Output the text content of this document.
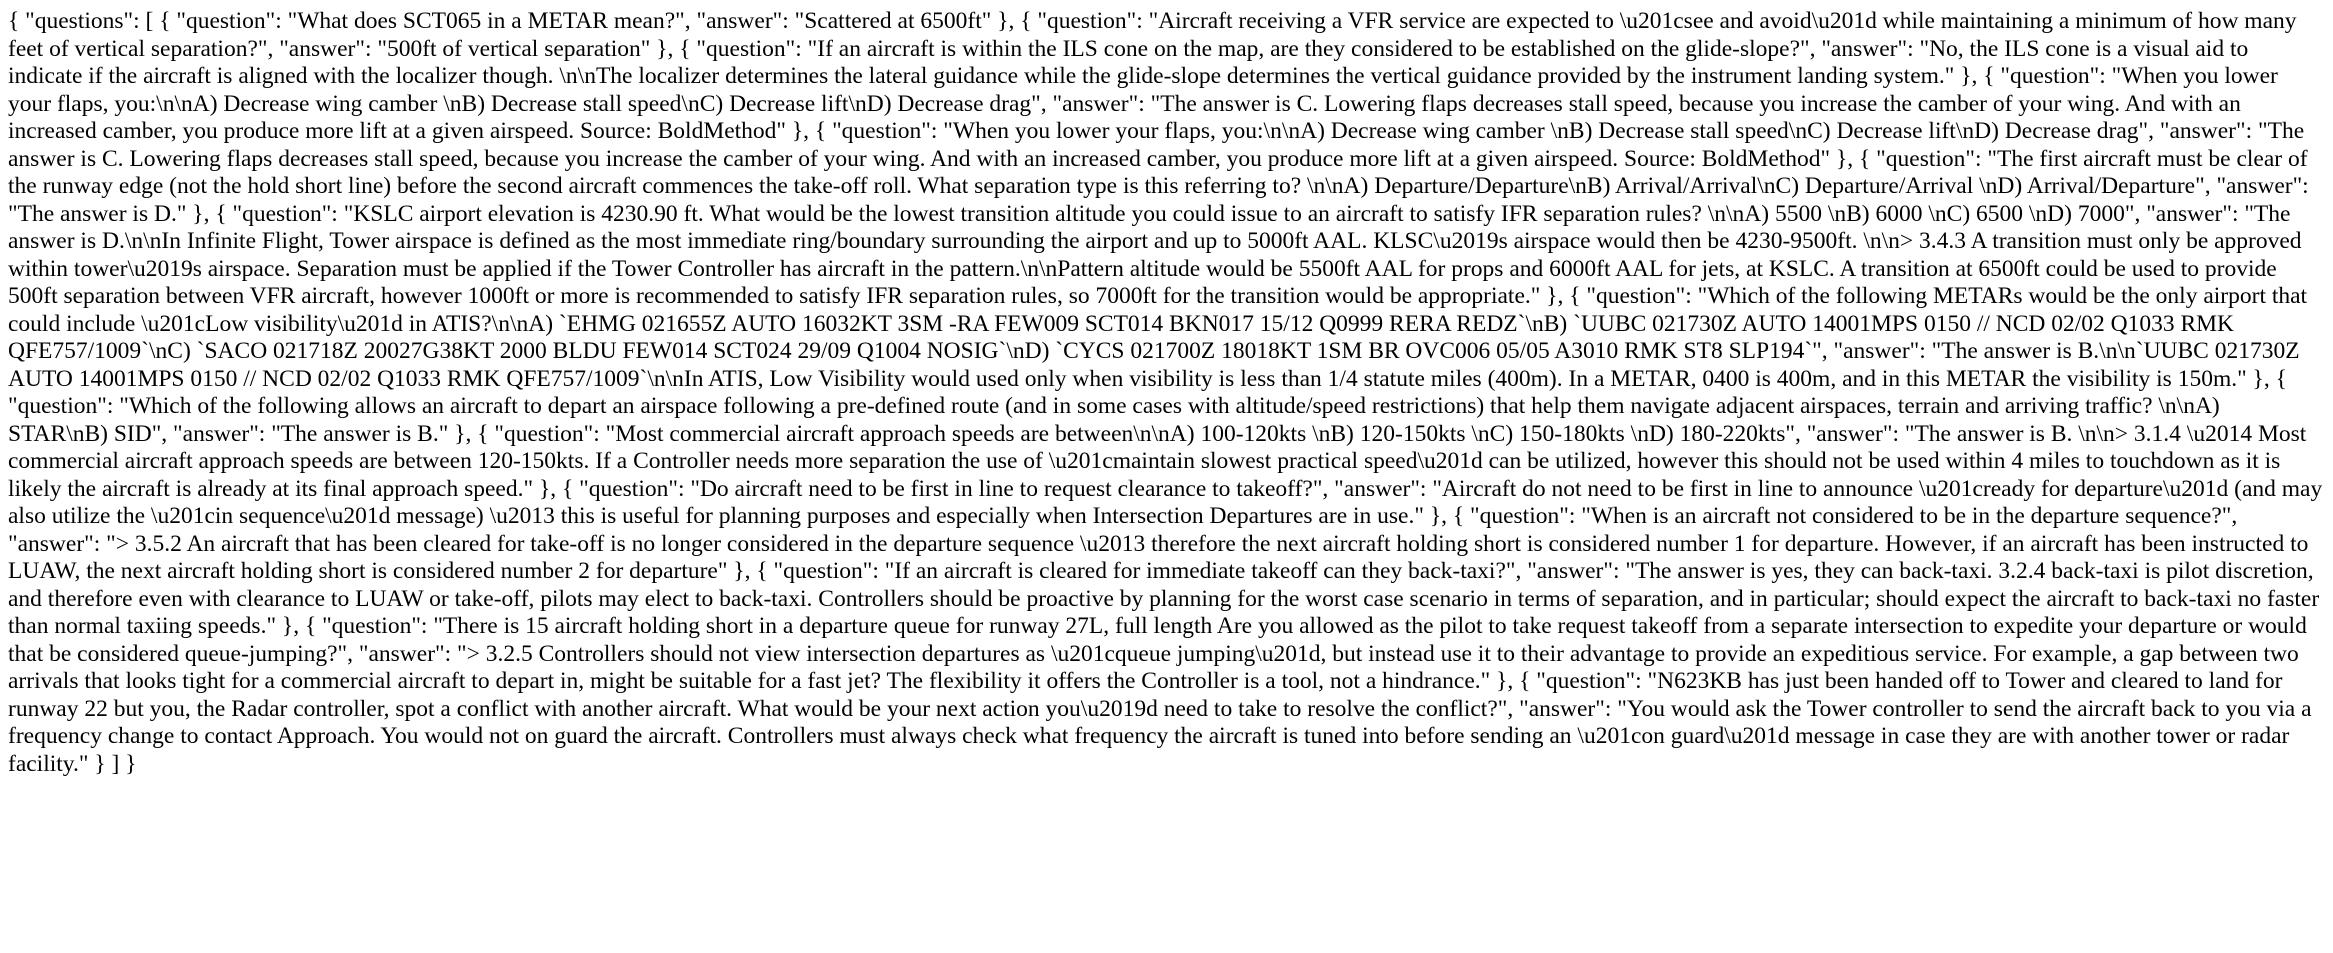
{ "questions": [ { "question": "What does SCT065 in a METAR mean?", "answer": "Scattered at 6500ft" }, { "question": "Aircraft receiving a VFR service are expected to \u201csee and avoid\u201d while maintaining a minimum of how many feet of vertical separation?", "answer": "500ft of vertical separation" }, { "question": "If an aircraft is within the ILS cone on the map, are they considered to be established on the glide-slope?", "answer": "No, the ILS cone is a visual aid to indicate if the aircraft is aligned with the localizer though. \n\nThe localizer determines the lateral guidance while the glide-slope determines the vertical guidance provided by the instrument landing system." }, { "question": "When you lower your flaps, you:\n\nA) Decrease wing camber \nB) Decrease stall speed\nC) Decrease lift\nD) Decrease drag", "answer": "The answer is C. Lowering flaps decreases stall speed, because you increase the camber of your wing. And with an increased camber, you produce more lift at a given airspeed. Source: BoldMethod" }, { "question": "When you lower your flaps, you:\n\nA) Decrease wing camber \nB) Decrease stall speed\nC) Decrease lift\nD) Decrease drag", "answer": "The answer is C. Lowering flaps decreases stall speed, because you increase the camber of your wing. And with an increased camber, you produce more lift at a given airspeed. Source: BoldMethod" }, { "question": "The first aircraft must be clear of the runway edge (not the hold short line) before the second aircraft commences the take-off roll. What separation type is this referring to? \n\nA) Departure/Departure\nB) Arrival/Arrival\nC) Departure/Arrival \nD) Arrival/Departure", "answer": "The answer is D." }, { "question": "KSLC airport elevation is 4230.90 ft. What would be the lowest transition altitude you could issue to an aircraft to satisfy IFR separation rules? \n\nA) 5500 \nB) 6000 \nC) 6500 \nD) 7000", "answer": "The answer is D.\n\nIn Infinite Flight, Tower airspace is defined as the most immediate ring/boundary surrounding the airport and up to 5000ft AAL. KLSC\u2019s airspace would then be 4230-9500ft. \n\n> 3.4.3 A transition must only be approved within tower\u2019s airspace. Separation must be applied if the Tower Controller has aircraft in the pattern.\n\nPattern altitude would be 5500ft AAL for props and 6000ft AAL for jets, at KSLC. A transition at 6500ft could be used to provide 500ft separation between VFR aircraft, however 1000ft or more is recommended to satisfy IFR separation rules, so 7000ft for the transition would be appropriate." }, { "question": "Which of the following METARs would be the only airport that could include \u201cLow visibility\u201d in ATIS?\n\nA) `EHMG 021655Z AUTO 16032KT 3SM -RA FEW009 SCT014 BKN017 15/12 Q0999 RERA REDZ`\nB) `UUBC 021730Z AUTO 14001MPS 0150 // NCD 02/02 Q1033 RMK QFE757/1009`\nC) `SACO 021718Z 20027G38KT 2000 BLDU FEW014 SCT024 29/09 Q1004 NOSIG`\nD) `CYCS 021700Z 18018KT 1SM BR OVC006 05/05 A3010 RMK ST8 SLP194`", "answer": "The answer is B.\n\n`UUBC 021730Z AUTO 14001MPS 0150 // NCD 02/02 Q1033 RMK QFE757/1009`\n\nIn ATIS, Low Visibility would used only when visibility is less than 1/4 statute miles (400m). In a METAR, 0400 is 400m, and in this METAR the visibility is 150m." }, { "question": "Which of the following allows an aircraft to depart an airspace following a pre-defined route (and in some cases with altitude/speed restrictions) that help them navigate adjacent airspaces, terrain and arriving traffic? \n\nA) STAR\nB) SID", "answer": "The answer is B." }, { "question": "Most commercial aircraft approach speeds are between\n\nA) 100-120kts \nB) 120-150kts \nC) 150-180kts \nD) 180-220kts", "answer": "The answer is B. \n\n> 3.1.4 \u2014 Most commercial aircraft approach speeds are between 120-150kts. If a Controller needs more separation the use of \u201cmaintain slowest practical speed\u201d can be utilized, however this should not be used within 4 miles to touchdown as it is likely the aircraft is already at its final approach speed." }, { "question": "Do aircraft need to be first in line to request clearance to takeoff?", "answer": "Aircraft do not need to be first in line to announce \u201cready for departure\u201d (and may also utilize the \u201cin sequence\u201d message) \u2013 this is useful for planning purposes and especially when Intersection Departures are in use." }, { "question": "When is an aircraft not considered to be in the departure sequence?", "answer": "> 3.5.2 An aircraft that has been cleared for take-off is no longer considered in the departure sequence \u2013 therefore the next aircraft holding short is considered number 1 for departure. However, if an aircraft has been instructed to LUAW, the next aircraft holding short is considered number 2 for departure" }, { "question": "If an aircraft is cleared for immediate takeoff can they back-taxi?", "answer": "The answer is yes, they can back-taxi. 3.2.4 back-taxi is pilot discretion, and therefore even with clearance to LUAW or take-off, pilots may elect to back-taxi. Controllers should be proactive by planning for the worst case scenario in terms of separation, and in particular; should expect the aircraft to back-taxi no faster than normal taxiing speeds." }, { "question": "There is 15 aircraft holding short in a departure queue for runway 27L, full length Are you allowed as the pilot to take request takeoff from a separate intersection to expedite your departure or would that be considered queue-jumping?", "answer": "> 3.2.5 Controllers should not view intersection departures as \u201cqueue jumping\u201d, but instead use it to their advantage to provide an expeditious service. For example, a gap between two arrivals that looks tight for a commercial aircraft to depart in, might be suitable for a fast jet? The flexibility it offers the Controller is a tool, not a hindrance." }, { "question": "N623KB has just been handed off to Tower and cleared to land for runway 22 but you, the Radar controller, spot a conflict with another aircraft. What would be your next action you\u2019d need to take to resolve the conflict?", "answer": "You would ask the Tower controller to send the aircraft back to you via a frequency change to contact Approach. You would not on guard the aircraft. Controllers must always check what frequency the aircraft is tuned into before sending an \u201con guard\u201d message in case they are with another tower or radar facility." } ] }
